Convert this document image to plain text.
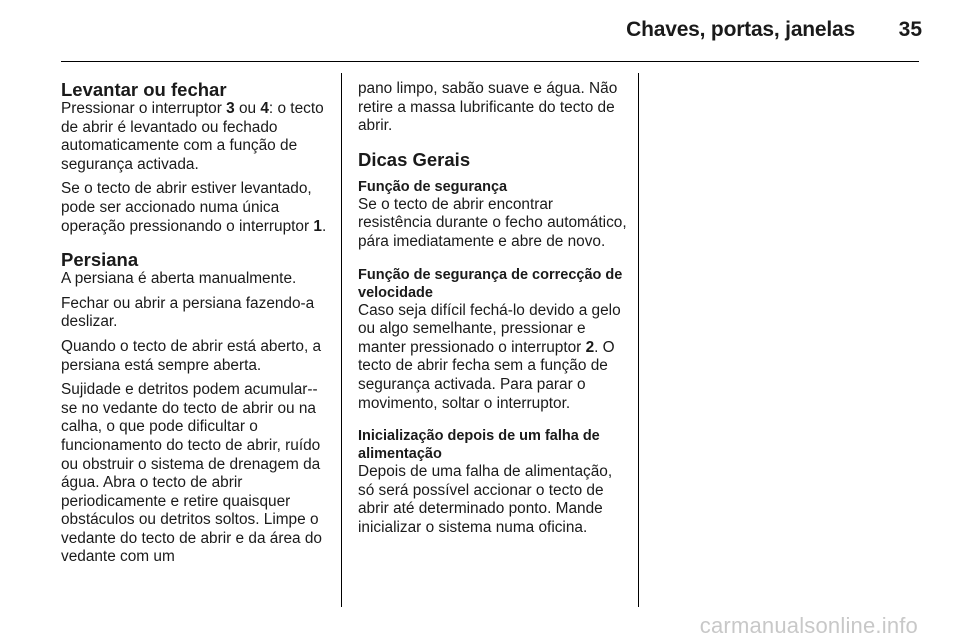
Chaves, portas, janelas 35
Levantar ou fechar

Pressionar o interruptor 3 ou 4: o tecto de abrir é levantado ou fechado automaticamente com a função de segurança activada.

Se o tecto de abrir estiver levantado, pode ser accionado numa única operação pressionando o interruptor 1.

Persiana

A persiana é aberta manualmente.

Fechar ou abrir a persiana fazendo-a deslizar.

Quando o tecto de abrir está aberto, a persiana está sempre aberta.

Sujidade e detritos podem acumular--se no vedante do tecto de abrir ou na calha, o que pode dificultar o funcionamento do tecto de abrir, ruído ou obstruir o sistema de drenagem da água. Abra o tecto de abrir periodicamente e retire quaisquer obstáculos ou detritos soltos. Limpe o vedante do tecto de abrir e da área do vedante com um

pano limpo, sabão suave e água. Não retire a massa lubrificante do tecto de abrir.

Dicas Gerais
Função de segurança

Se o tecto de abrir encontrar resistência durante o fecho automático, pára imediatamente e abre de novo.

Função de segurança de correcção de velocidade

Caso seja difícil fechá-lo devido a gelo ou algo semelhante, pressionar e manter pressionado o interruptor 2. O tecto de abrir fecha sem a função de segurança activada. Para parar o movimento, soltar o interruptor.

Inicialização depois de um falha de alimentação

Depois de uma falha de alimentação, só será possível accionar o tecto de abrir até determinado ponto. Mande inicializar o sistema numa oficina.

carmanualsonline.info
